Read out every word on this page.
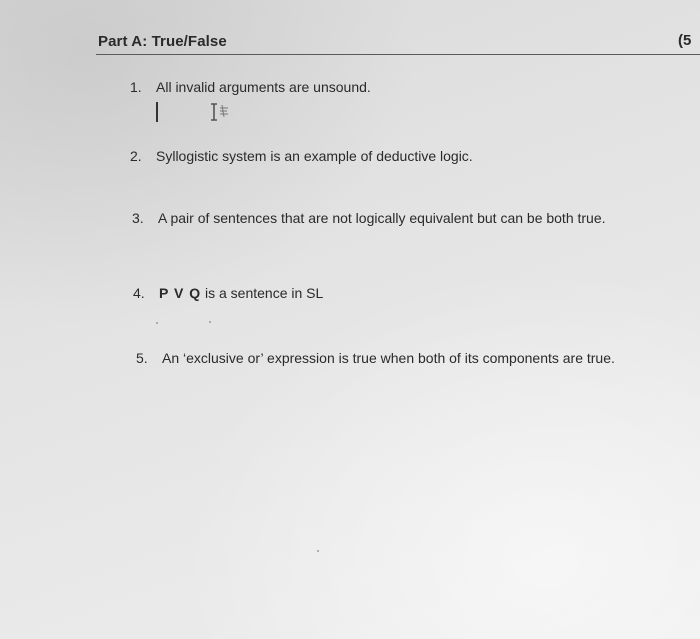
Part A: True/False	(5
1. All invalid arguments are unsound.
2. Syllogistic system is an example of deductive logic.
3. A pair of sentences that are not logically equivalent but can be both true.
4. P V Q is a sentence in SL
5. An ‘exclusive or’ expression is true when both of its components are true.
